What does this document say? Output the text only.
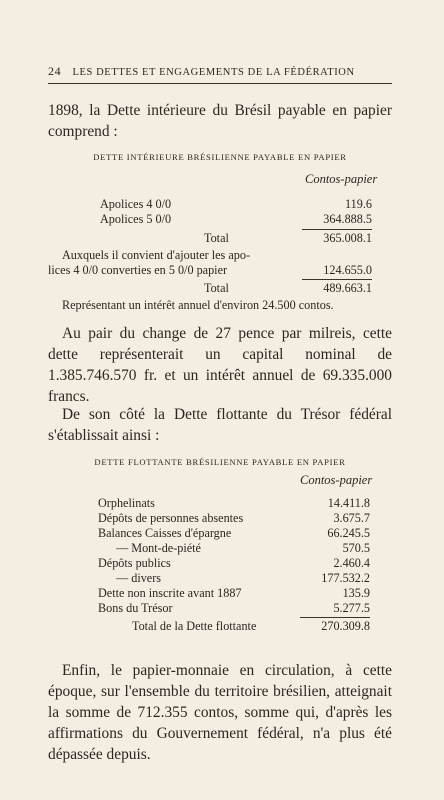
24 LES DETTES ET ENGAGEMENTS DE LA FÉDÉRATION

1898, la Dette intérieure du Brésil payable en papier comprend :

DETTE INTÉRIEURE BRÉSILIENNE PAYABLE EN PAPIER
Contos-papier
Apolices 4 0/0	119.6
Apolices 5 0/0	364.888.5
Total	365.008.1
Auxquels il convient d'ajouter les apo-
lices 4 0/0 converties en 5 0/0 papier	124.655.0
Total	489.663.1
Représentant un intérêt annuel d'environ 24.500 contos.

Au pair du change de 27 pence par milreis, cette dette représenterait un capital nominal de 1.385.746.570 fr. et un intérêt annuel de 69.335.000 francs.

De son côté la Dette flottante du Trésor fédéral s'établissait ainsi :

DETTE FLOTTANTE BRÉSILIENNE PAYABLE EN PAPIER
Contos-papier
Orphelinats	14.411.8
Dépôts de personnes absentes	3.675.7
Balances Caisses d'épargne	66.245.5
— Mont-de-piété	570.5
Dépôts publics	2.460.4
— divers	177.532.2
Dette non inscrite avant 1887	135.9
Bons du Trésor	5.277.5
Total de la Dette flottante	270.309.8

Enfin, le papier-monnaie en circulation, à cette époque, sur l'ensemble du territoire brésilien, atteignait la somme de 712.355 contos, somme qui, d'après les affirmations du Gouvernement fédéral, n'a plus été dépassée depuis.
